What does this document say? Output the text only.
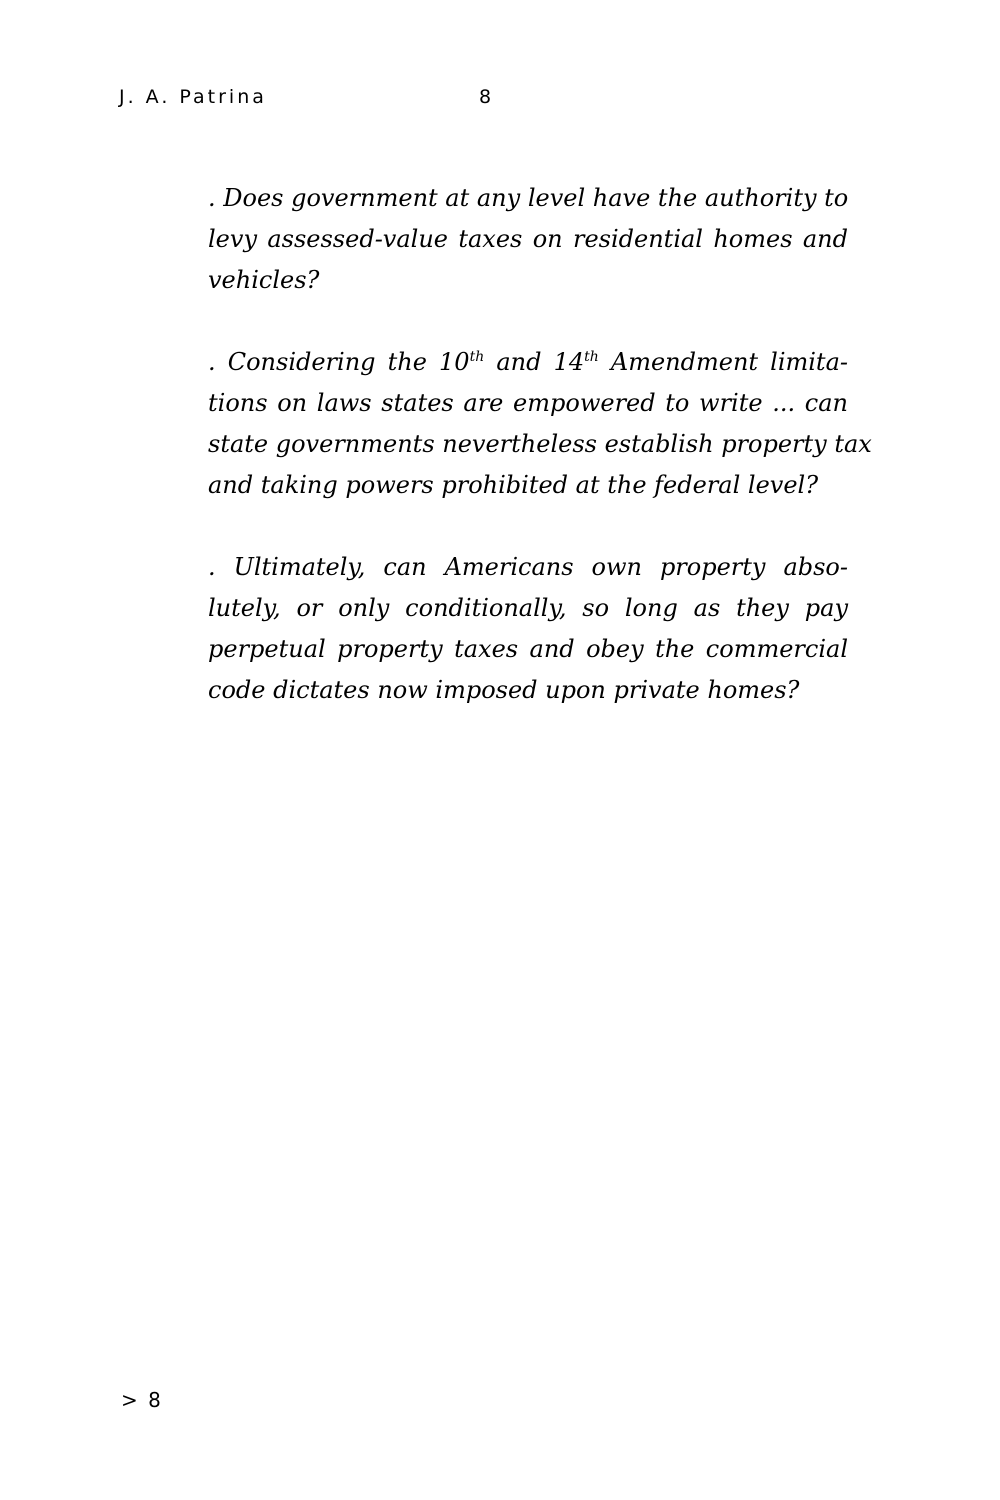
J. A. Patrina	8

. Does government at any level have the authority to
levy assessed-value taxes on residential homes and
vehicles?

. Considering the 10th and 14th Amendment limita-
tions on laws states are empowered to write ... can
state governments nevertheless establish property tax
and taking powers prohibited at the federal level?

. Ultimately, can Americans own property abso-
lutely, or only conditionally, so long as they pay
perpetual property taxes and obey the commercial
code dictates now imposed upon private homes?

> 8
